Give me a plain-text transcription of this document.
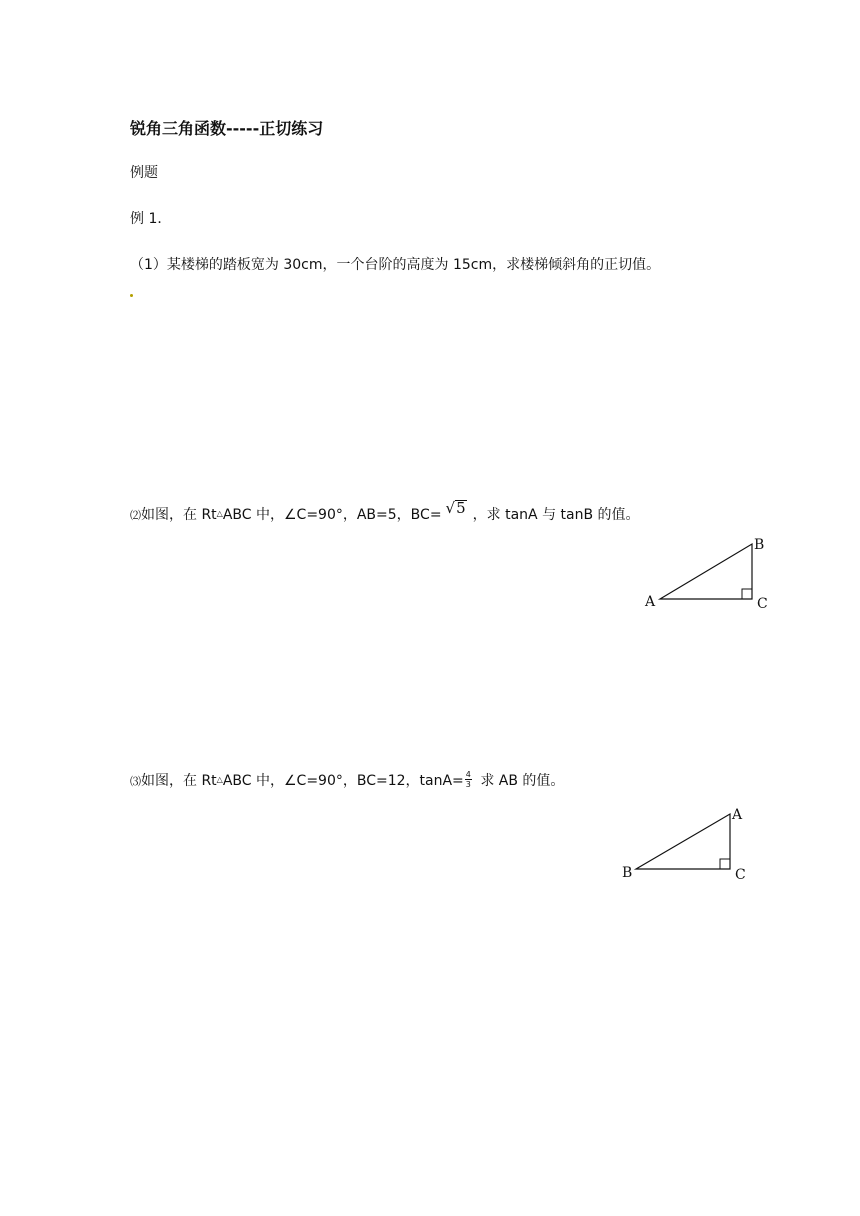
锐角三角函数-----正切练习
例题
例 1．
（1）某楼梯的踏板宽为 30cm，一个台阶的高度为 15cm，求楼梯倾斜角的正切值。
⑵如图，在 Rt△ABC 中，∠C=90°，AB=5，BC= √5 ，求 tanA 与 tanB 的值。
A
B
C
⑶如图，在 Rt△ABC 中，∠C=90°，BC=12，$\tan A= \frac{4}{3}$ 求 AB 的值。
B
A
C
